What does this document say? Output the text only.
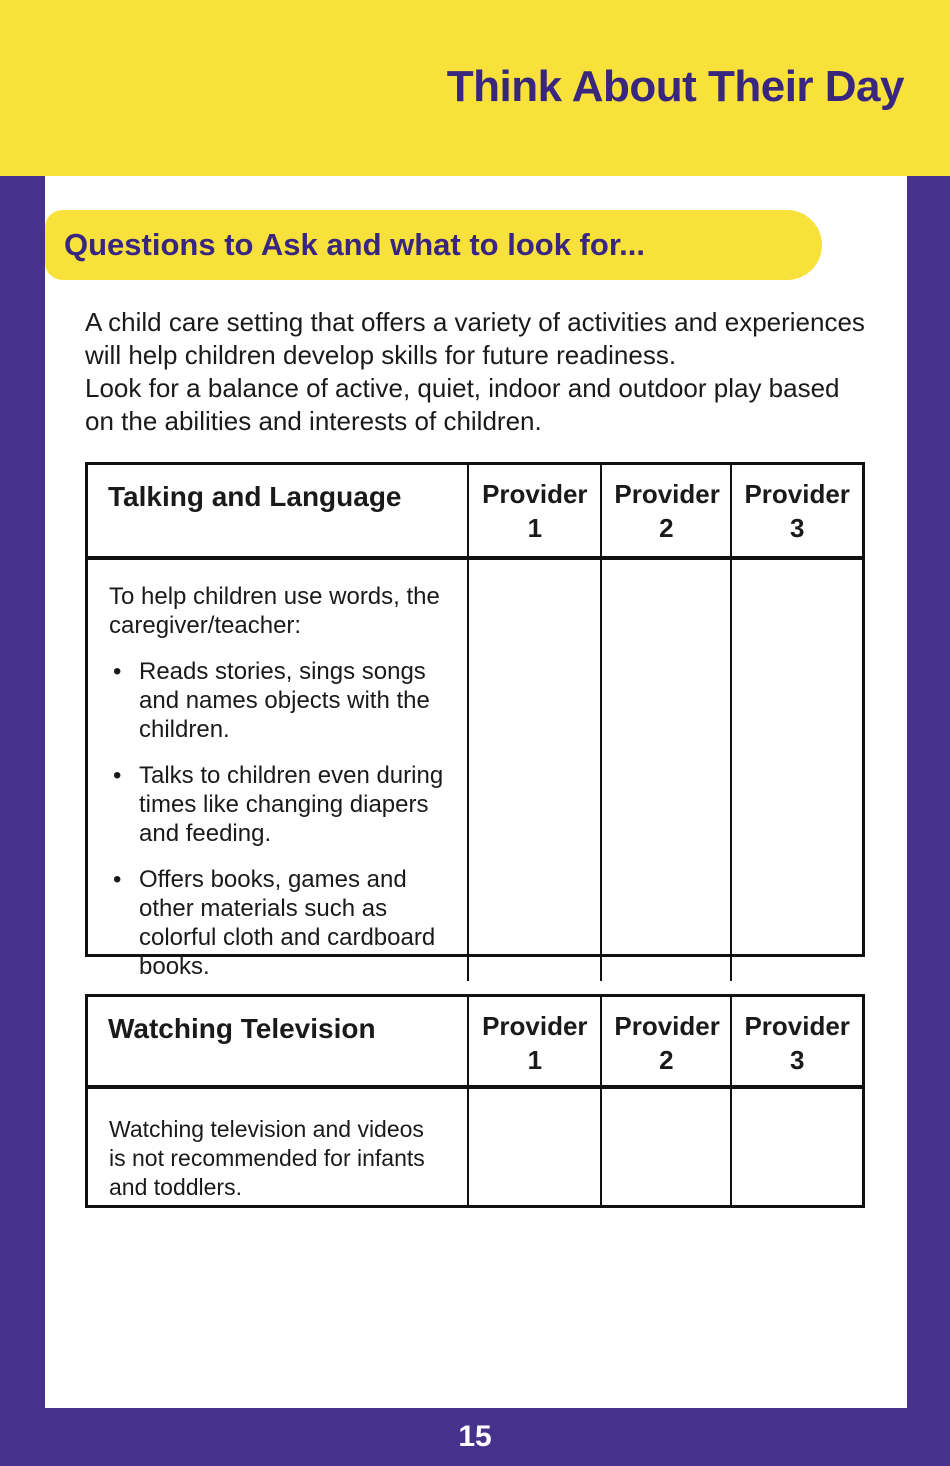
Think About Their Day
Questions to Ask and what to look for...
A child care setting that offers a variety of activities and experiences
will help children develop skills for future readiness.
Look for a balance of active, quiet, indoor and outdoor play based
on the abilities and interests of children.
Talking and Language	Provider 1
Provider 2
Provider 3

To help children use words, the caregiver/teacher:

• Reads stories, sings songs and names objects with the children.
• Talks to children even during times like changing diapers and feeding.
• Offers books, games and other materials such as colorful cloth and cardboard books.
Watching Television	Provider 1
Provider 2
Provider 3

Watching television and videos is not recommended for infants and toddlers.

15
